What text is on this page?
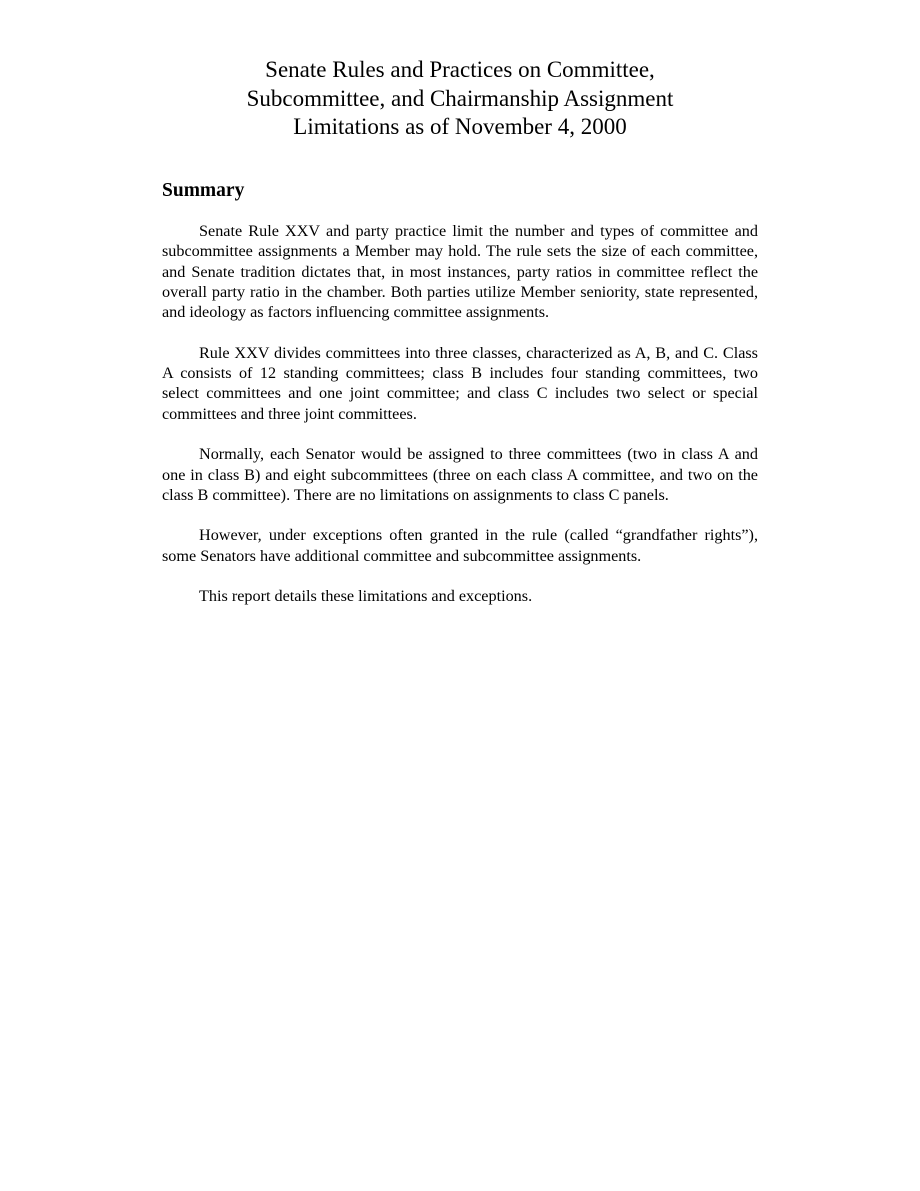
Senate Rules and Practices on Committee,
Subcommittee, and Chairmanship Assignment
Limitations as of November 4, 2000
Summary

Senate Rule XXV and party practice limit the number and types of committee and subcommittee assignments a Member may hold. The rule sets the size of each committee, and Senate tradition dictates that, in most instances, party ratios in committee reflect the overall party ratio in the chamber. Both parties utilize Member seniority, state represented, and ideology as factors influencing committee assignments.

Rule XXV divides committees into three classes, characterized as A, B, and C. Class A consists of 12 standing committees; class B includes four standing committees, two select committees and one joint committee; and class C includes two select or special committees and three joint committees.

Normally, each Senator would be assigned to three committees (two in class A and one in class B) and eight subcommittees (three on each class A committee, and two on the class B committee). There are no limitations on assignments to class C panels.

However, under exceptions often granted in the rule (called “grandfather rights”), some Senators have additional committee and subcommittee assignments.

This report details these limitations and exceptions.
